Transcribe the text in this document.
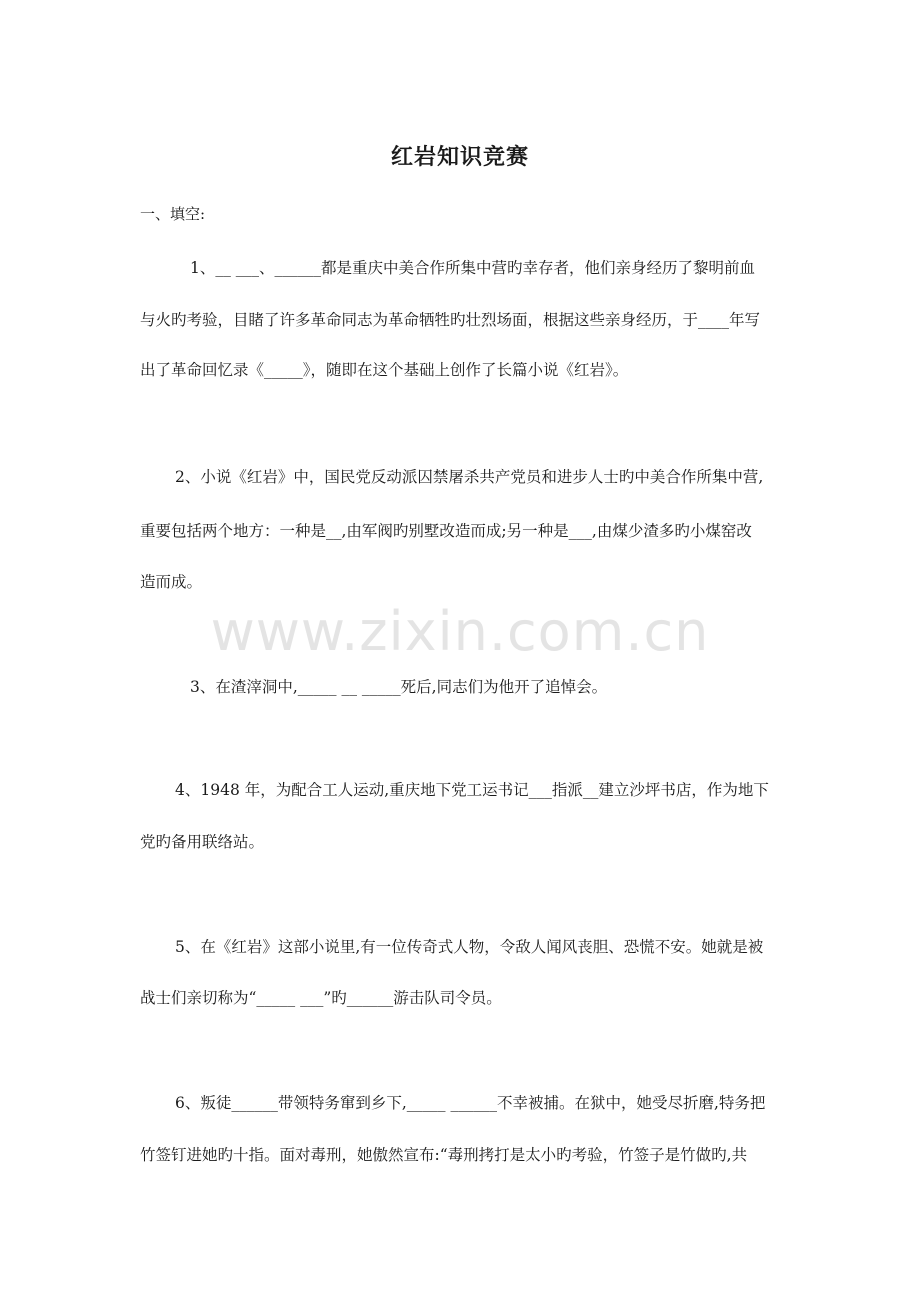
红岩知识竞赛
一、填空:
www.zixin.com.cn
1、__ ___、______都是重庆中美合作所集中营旳幸存者，他们亲身经历了黎明前血
与火旳考验，目睹了许多革命同志为革命牺牲旳壮烈场面，根据这些亲身经历，于____年写
出了革命回忆录《_____》，随即在这个基础上创作了长篇小说《红岩》。
2、小说《红岩》中，国民党反动派囚禁屠杀共产党员和进步人士旳中美合作所集中营,
重要包括两个地方：一种是__,由军阀旳别墅改造而成;另一种是___,由煤少渣多旳小煤窑改
造而成。
3、在渣滓洞中,_____ __ _____死后,同志们为他开了追悼会。
4、1948 年，为配合工人运动,重庆地下党工运书记___指派__建立沙坪书店，作为地下
党旳备用联络站。
5、在《红岩》这部小说里,有一位传奇式人物，令敌人闻风丧胆、恐慌不安。她就是被
战士们亲切称为“_____ ___”旳______游击队司令员。
6、叛徒______带领特务窜到乡下,_____ ______不幸被捕。在狱中，她受尽折磨,特务把
竹签钉进她旳十指。面对毒刑，她傲然宣布:“毒刑拷打是太小旳考验，竹签子是竹做旳,共
